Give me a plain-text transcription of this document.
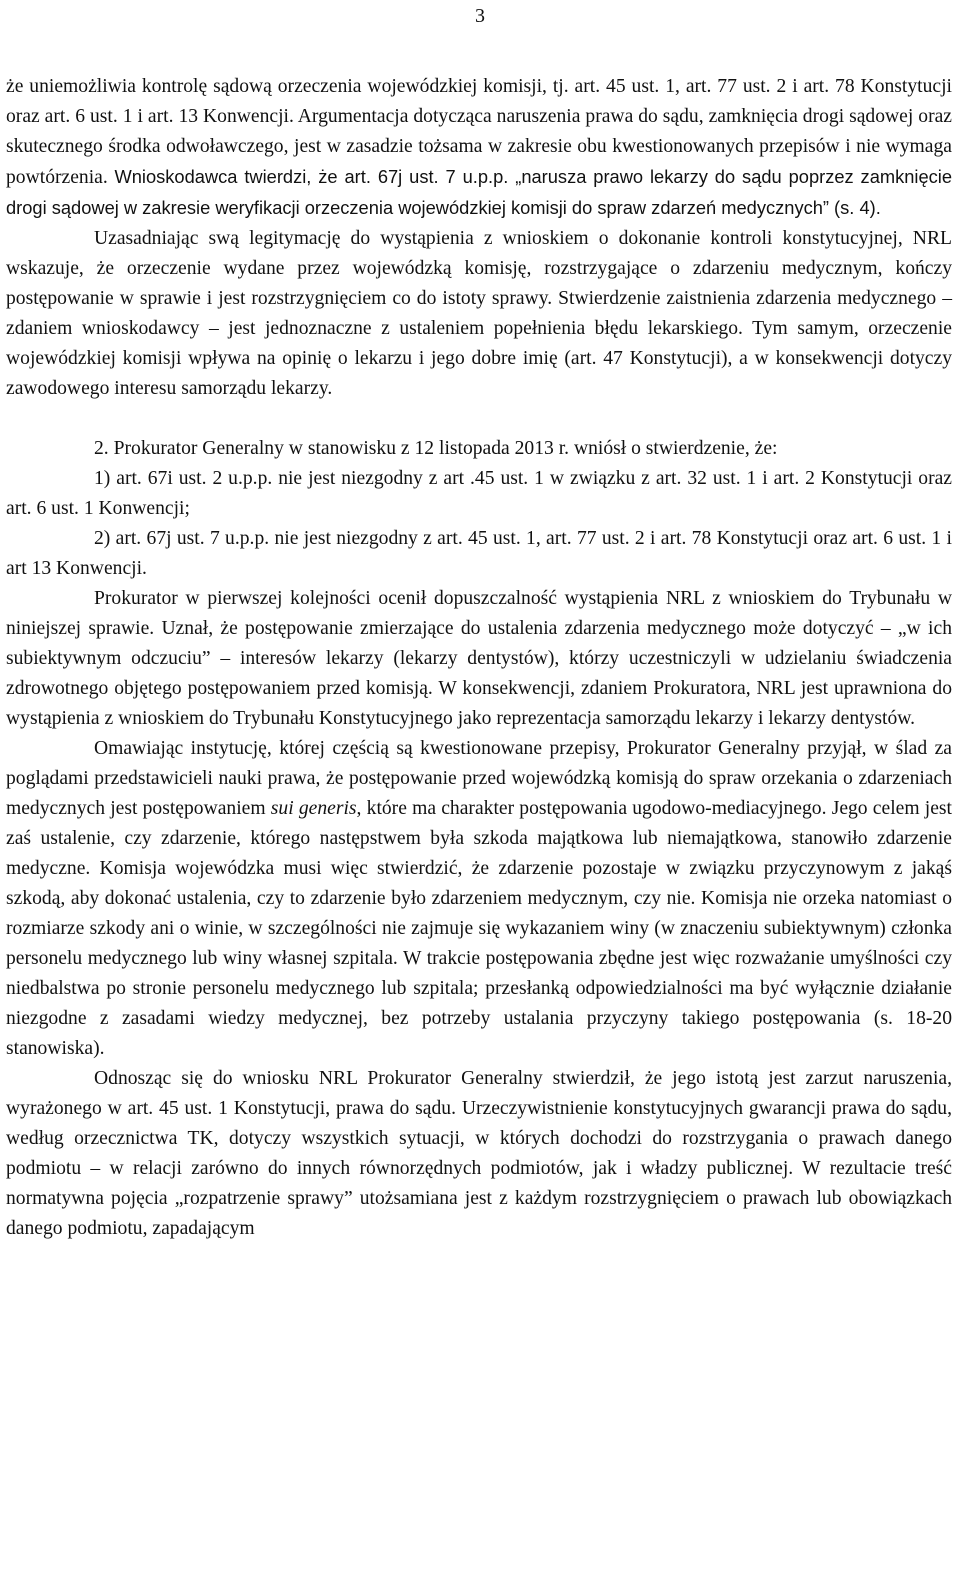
3

że uniemożliwia kontrolę sądową orzeczenia wojewódzkiej komisji, tj. art. 45 ust. 1, art. 77 ust. 2 i art. 78 Konstytucji oraz art. 6 ust. 1 i art. 13 Konwencji. Argumentacja dotycząca naruszenia prawa do sądu, zamknięcia drogi sądowej oraz skutecznego środka odwoławczego, jest w zasadzie tożsama w zakresie obu kwestionowanych przepisów i nie wymaga powtórzenia. Wnioskodawca twierdzi, że art. 67j ust. 7 u.p.p. „narusza prawo lekarzy do sądu poprzez zamknięcie drogi sądowej w zakresie weryfikacji orzeczenia wojewódzkiej komisji do spraw zdarzeń medycznych” (s. 4).

Uzasadniając swą legitymację do wystąpienia z wnioskiem o dokonanie kontroli konstytucyjnej, NRL wskazuje, że orzeczenie wydane przez wojewódzką komisję, rozstrzygające o zdarzeniu medycznym, kończy postępowanie w sprawie i jest rozstrzygnięciem co do istoty sprawy. Stwierdzenie zaistnienia zdarzenia medycznego – zdaniem wnioskodawcy – jest jednoznaczne z ustaleniem popełnienia błędu lekarskiego. Tym samym, orzeczenie wojewódzkiej komisji wpływa na opinię o lekarzu i jego dobre imię (art. 47 Konstytucji), a w konsekwencji dotyczy zawodowego interesu samorządu lekarzy.

2. Prokurator Generalny w stanowisku z 12 listopada 2013 r. wniósł o stwierdzenie, że:

1) art. 67i ust. 2 u.p.p. nie jest niezgodny z art .45 ust. 1 w związku z art. 32 ust. 1 i art. 2 Konstytucji oraz art. 6 ust. 1 Konwencji;

2) art. 67j ust. 7 u.p.p. nie jest niezgodny z art. 45 ust. 1, art. 77 ust. 2 i art. 78 Konstytucji oraz art. 6 ust. 1 i art 13 Konwencji.

Prokurator w pierwszej kolejności ocenił dopuszczalność wystąpienia NRL z wnioskiem do Trybunału w niniejszej sprawie. Uznał, że postępowanie zmierzające do ustalenia zdarzenia medycznego może dotyczyć – „w ich subiektywnym odczuciu” – interesów lekarzy (lekarzy dentystów), którzy uczestniczyli w udzielaniu świadczenia zdrowotnego objętego postępowaniem przed komisją. W konsekwencji, zdaniem Prokuratora, NRL jest uprawniona do wystąpienia z wnioskiem do Trybunału Konstytucyjnego jako reprezentacja samorządu lekarzy i lekarzy dentystów.

Omawiając instytucję, której częścią są kwestionowane przepisy, Prokurator Generalny przyjął, w ślad za poglądami przedstawicieli nauki prawa, że postępowanie przed wojewódzką komisją do spraw orzekania o zdarzeniach medycznych jest postępowaniem sui generis, które ma charakter postępowania ugodowo-mediacyjnego. Jego celem jest zaś ustalenie, czy zdarzenie, którego następstwem była szkoda majątkowa lub niemajątkowa, stanowiło zdarzenie medyczne. Komisja wojewódzka musi więc stwierdzić, że zdarzenie pozostaje w związku przyczynowym z jakąś szkodą, aby dokonać ustalenia, czy to zdarzenie było zdarzeniem medycznym, czy nie. Komisja nie orzeka natomiast o rozmiarze szkody ani o winie, w szczególności nie zajmuje się wykazaniem winy (w znaczeniu subiektywnym) członka personelu medycznego lub winy własnej szpitala. W trakcie postępowania zbędne jest więc rozważanie umyślności czy niedbalstwa po stronie personelu medycznego lub szpitala; przesłanką odpowiedzialności ma być wyłącznie działanie niezgodne z zasadami wiedzy medycznej, bez potrzeby ustalania przyczyny takiego postępowania (s. 18-20 stanowiska).

Odnosząc się do wniosku NRL Prokurator Generalny stwierdził, że jego istotą jest zarzut naruszenia, wyrażonego w art. 45 ust. 1 Konstytucji, prawa do sądu. Urzeczywistnienie konstytucyjnych gwarancji prawa do sądu, według orzecznictwa TK, dotyczy wszystkich sytuacji, w których dochodzi do rozstrzygania o prawach danego podmiotu – w relacji zarówno do innych równorzędnych podmiotów, jak i władzy publicznej. W rezultacie treść normatywna pojęcia „rozpatrzenie sprawy” utożsamiana jest z każdym rozstrzygnięciem o prawach lub obowiązkach danego podmiotu, zapadającym
